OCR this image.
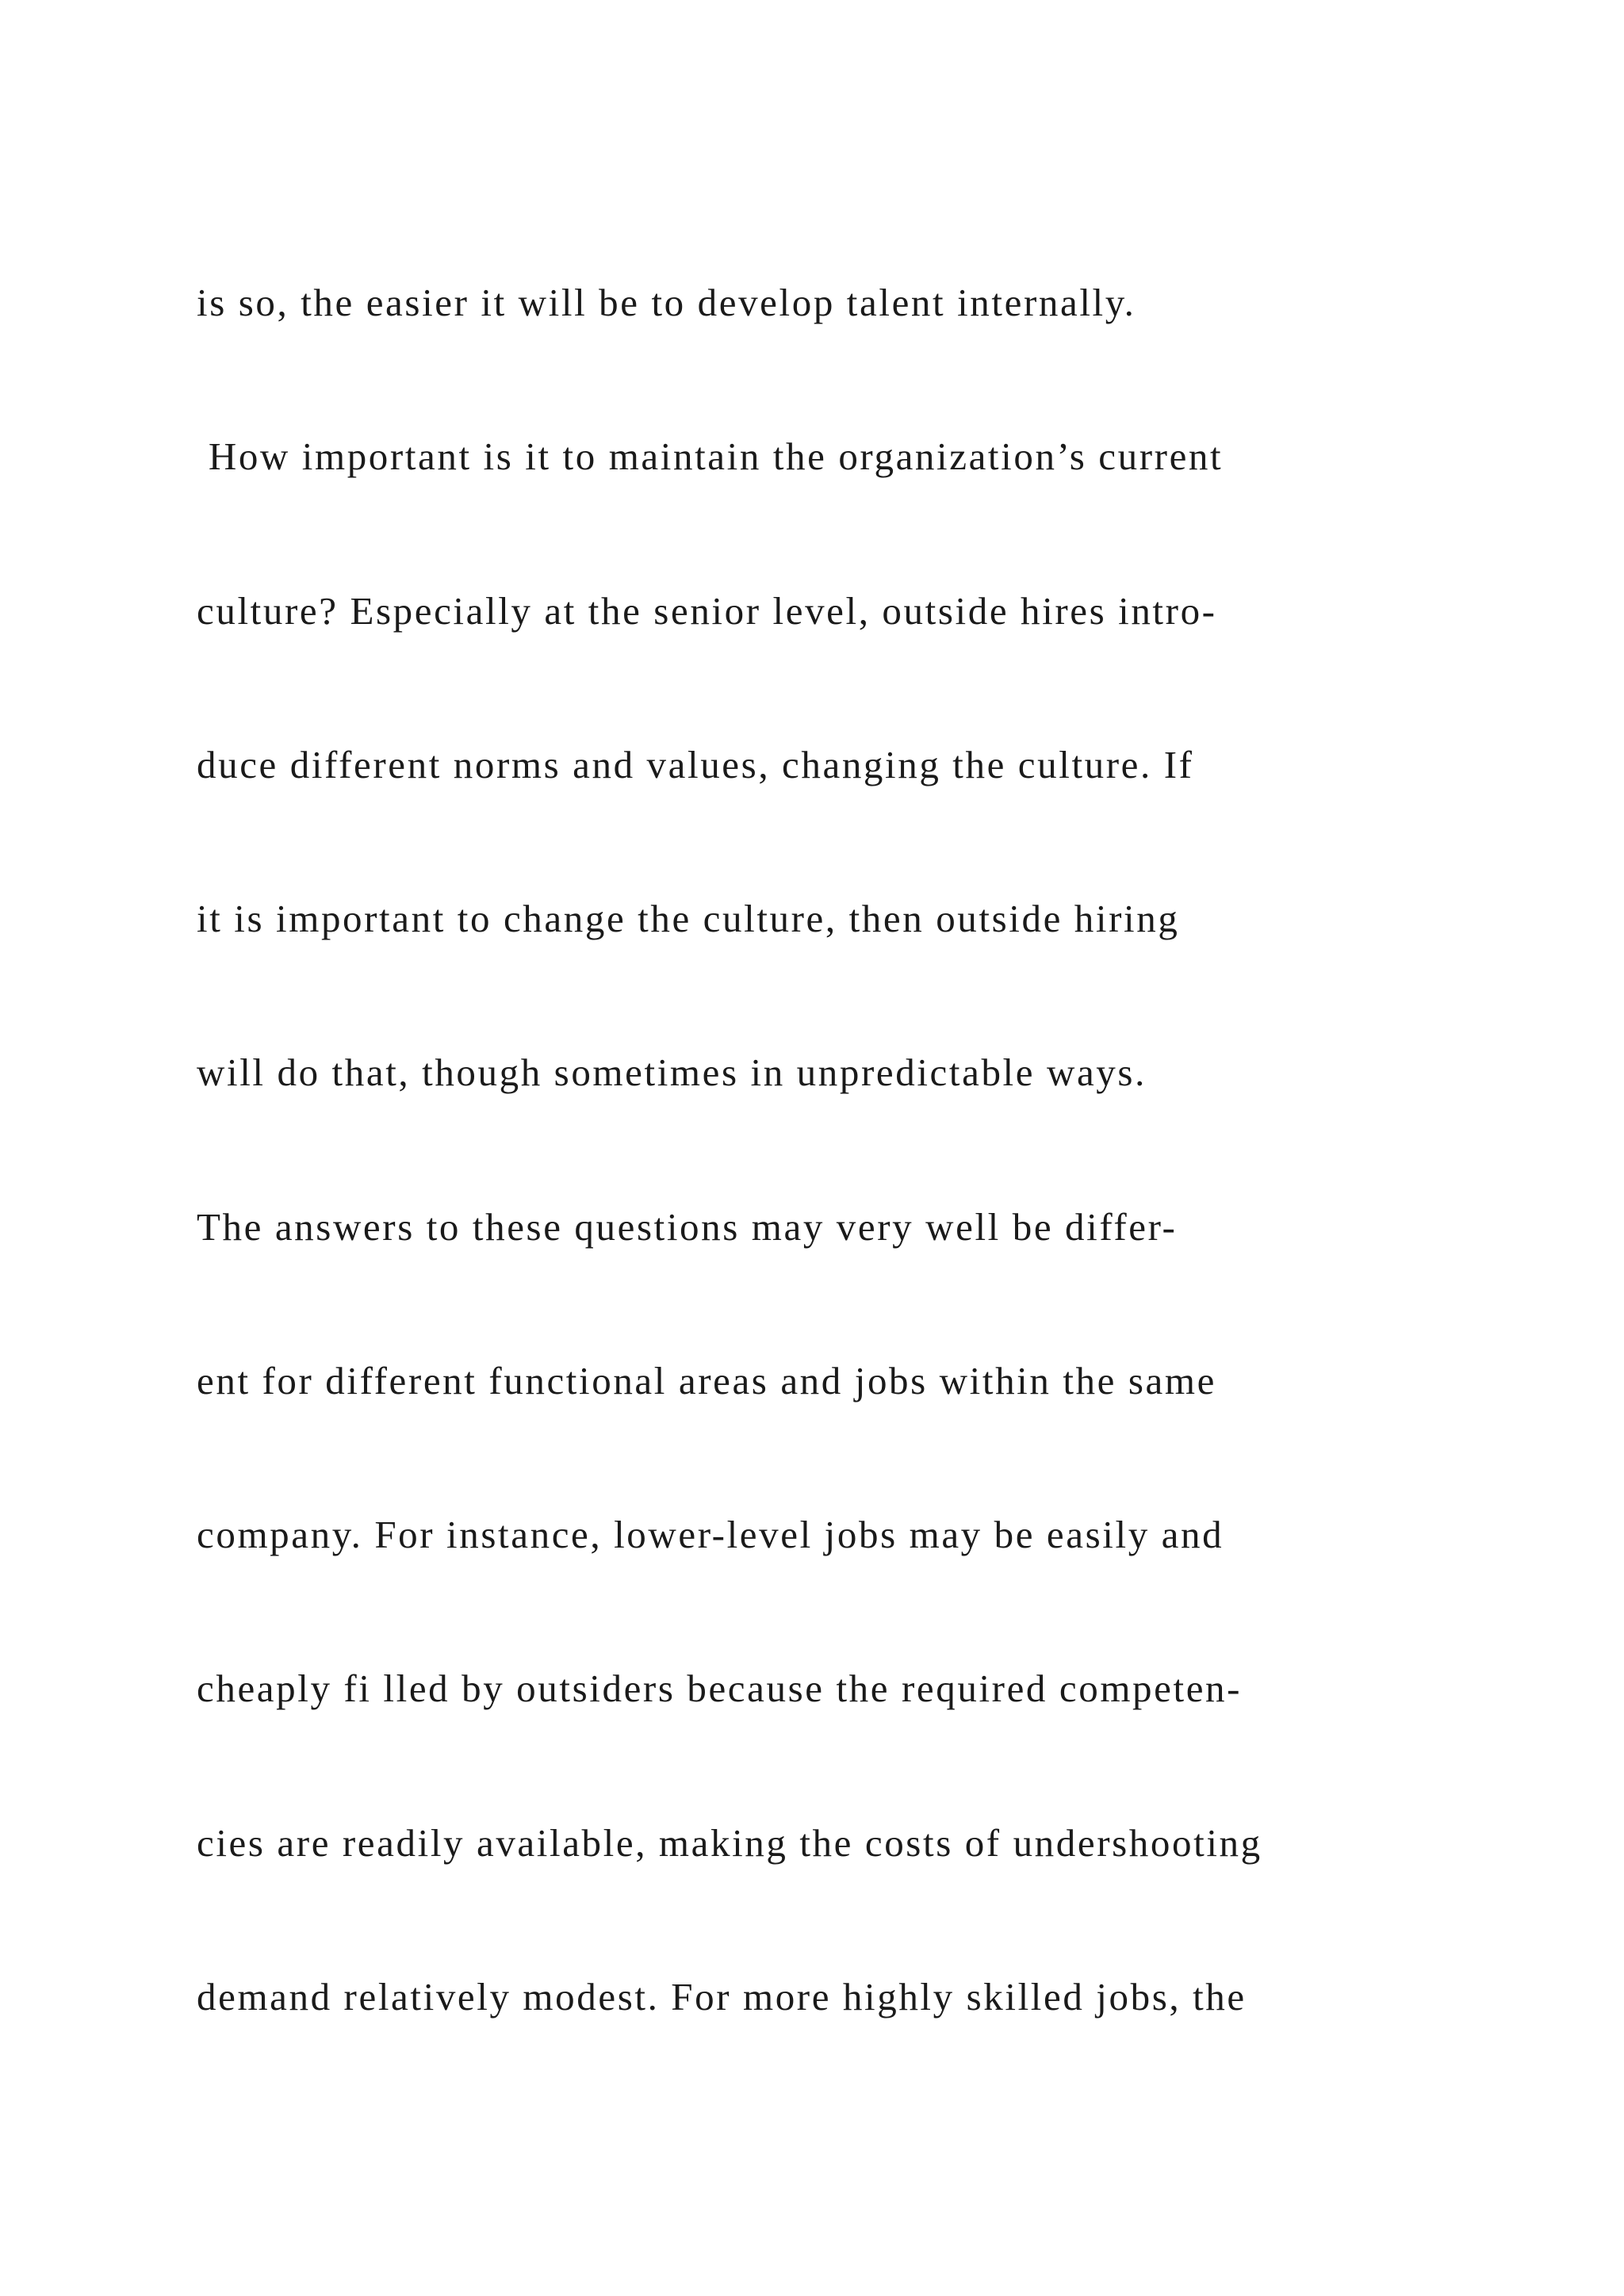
is so, the easier it will be to develop talent internally.

How important is it to maintain the organization’s current

culture? Especially at the senior level, outside hires intro-

duce different norms and values, changing the culture. If

it is important to change the culture, then outside hiring

will do that, though sometimes in unpredictable ways.

The answers to these questions may very well be differ-

ent for different functional areas and jobs within the same

company. For instance, lower-level jobs may be easily and

cheaply fi lled by outsiders because the required competen-

cies are readily available, making the costs of undershooting

demand relatively modest. For more highly skilled jobs, the
